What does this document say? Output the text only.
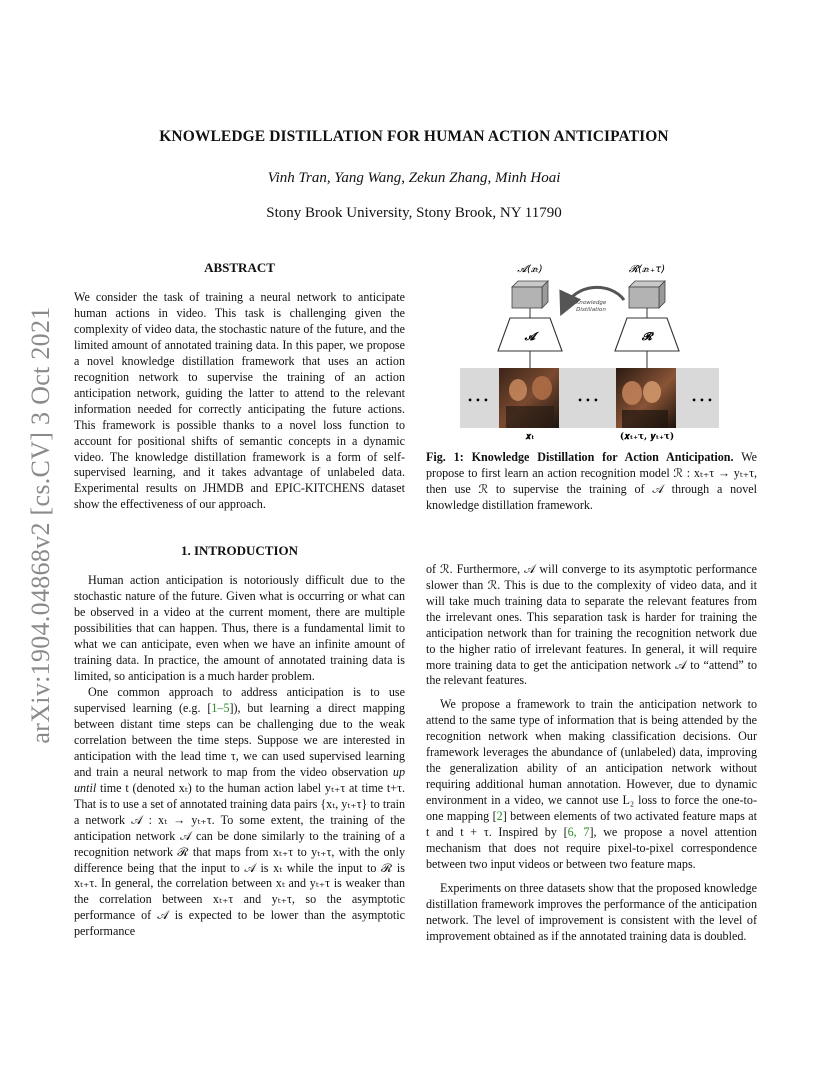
arXiv:1904.04868v2 [cs.CV] 3 Oct 2021
KNOWLEDGE DISTILLATION FOR HUMAN ACTION ANTICIPATION
Vinh Tran, Yang Wang, Zekun Zhang, Minh Hoai
Stony Brook University, Stony Brook, NY 11790
ABSTRACT

We consider the task of training a neural network to anticipate human actions in video. This task is challenging given the complexity of video data, the stochastic nature of the future, and the limited amount of annotated training data. In this paper, we propose a novel knowledge distillation framework that uses an action recognition network to supervise the training of an action anticipation network, guiding the latter to attend to the relevant information needed for correctly anticipating the future actions. This framework is possible thanks to a novel loss function to account for positional shifts of semantic concepts in a dynamic video. The knowledge distillation framework is a form of self-supervised learning, and it takes advantage of unlabeled data. Experimental results on JHMDB and EPIC-KITCHENS dataset show the effectiveness of our approach.

1. INTRODUCTION

Human action anticipation is notoriously difficult due to the stochastic nature of the future. Given what is occurring or what can be observed in a video at the current moment, there are multiple possibilities that can happen. Thus, there is a fundamental limit to what we can anticipate, even when we have an infinite amount of training data. In practice, the amount of annotated training data is limited, so anticipation is a much harder problem.

One common approach to address anticipation is to use supervised learning (e.g. [1–5]), but learning a direct mapping between distant time steps can be challenging due to the weak correlation between the time steps. Suppose we are interested in anticipation with the lead time τ, we can used supervised learning and train a neural network to map from the video observation up until time t (denoted xₜ) to the human action label yₜ₊τ at time t+τ. That is to use a set of annotated training data pairs {xₜ, yₜ₊τ} to train a network 𝒜 : xₜ → yₜ₊τ. To some extent, the training of the anticipation network 𝒜 can be done similarly to the training of a recognition network ℛ that maps from xₜ₊τ to yₜ₊τ, with the only difference being that the input to 𝒜 is xₜ while the input to ℛ is xₜ₊τ. In general, the correlation between xₜ and yₜ₊τ is weaker than the correlation between xₜ₊τ and yₜ₊τ, so the asymptotic performance of 𝒜 is expected to be lower than the asymptotic performance

𝓐(𝒙ₜ)	𝓡(𝒙ₜ₊τ)
𝓐	𝓡
Knowledge
Distillation
• • •	• • •	• • •
𝒙ₜ	(𝒙ₜ₊τ, 𝒚ₜ₊τ)
Fig. 1: Knowledge Distillation for Action Anticipation. We propose to first learn an action recognition model ℛ : xₜ₊τ → yₜ₊τ, then use ℛ to supervise the training of 𝒜 through a novel knowledge distillation framework.

of ℛ. Furthermore, 𝒜 will converge to its asymptotic performance slower than ℛ. This is due to the complexity of video data, and it will take much training data to separate the relevant features from the irrelevant ones. This separation task is harder for training the anticipation network than for training the recognition network due to the higher ratio of irrelevant features. In general, it will require more training data to get the anticipation network 𝒜 to “attend” to the relevant features.

We propose a framework to train the anticipation network to attend to the same type of information that is being attended by the recognition network when making classification decisions. Our framework leverages the abundance of (unlabeled) data, improving the generalization ability of an anticipation network without requiring additional human annotation. However, due to dynamic environment in a video, we cannot use L₂ loss to force the one-to-one mapping [2] between elements of two activated feature maps at t and t + τ. Inspired by [6, 7], we propose a novel attention mechanism that does not require pixel-to-pixel correspondence between two input videos or between two feature maps.

Experiments on three datasets show that the proposed knowledge distillation framework improves the performance of the anticipation network. The level of improvement is consistent with the level of improvement obtained as if the annotated training data is doubled.
